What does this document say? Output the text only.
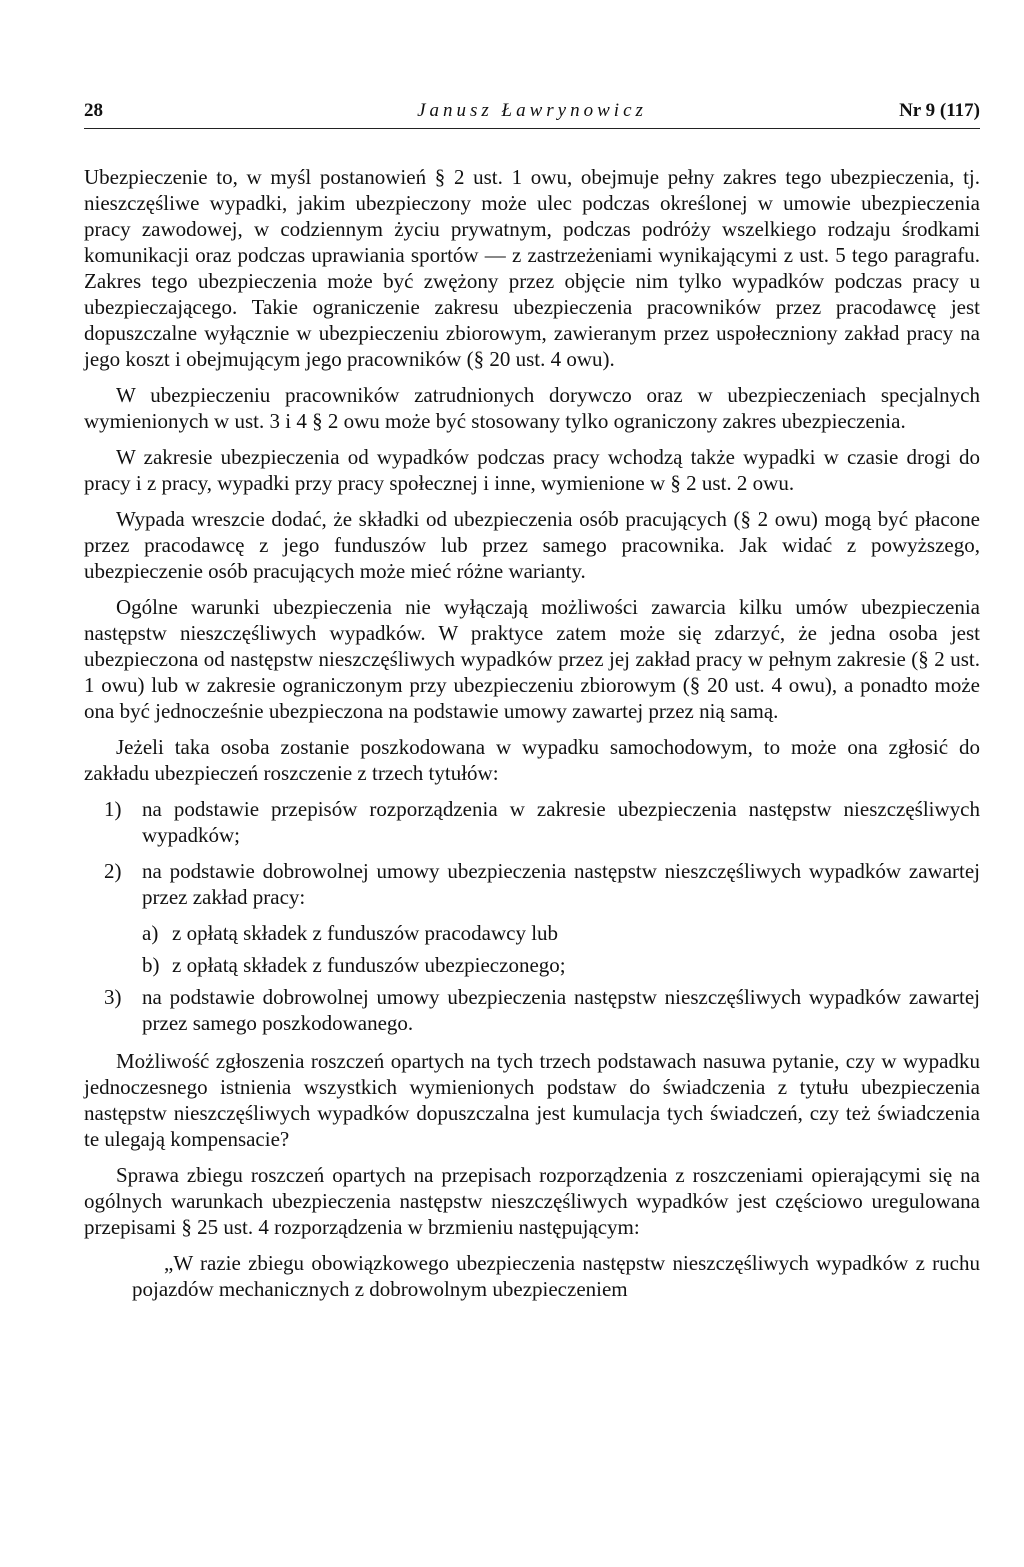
28	Janusz Ławrynowicz	Nr 9 (117)

Ubezpieczenie to, w myśl postanowień § 2 ust. 1 owu, obejmuje pełny zakres tego ubezpieczenia, tj. nieszczęśliwe wypadki, jakim ubezpieczony może ulec podczas określonej w umowie ubezpieczenia pracy zawodowej, w codziennym życiu prywatnym, podczas podróży wszelkiego rodzaju środkami komunikacji oraz podczas uprawiania sportów — z zastrzeżeniami wynikającymi z ust. 5 tego paragrafu. Zakres tego ubezpieczenia może być zwężony przez objęcie nim tylko wypadków podczas pracy u ubezpieczającego. Takie ograniczenie zakresu ubezpieczenia pracowników przez pracodawcę jest dopuszczalne wyłącznie w ubezpieczeniu zbiorowym, zawieranym przez uspołeczniony zakład pracy na jego koszt i obejmującym jego pracowników (§ 20 ust. 4 owu).

W ubezpieczeniu pracowników zatrudnionych dorywczo oraz w ubezpieczeniach specjalnych wymienionych w ust. 3 i 4 § 2 owu może być stosowany tylko ograniczony zakres ubezpieczenia.

W zakresie ubezpieczenia od wypadków podczas pracy wchodzą także wypadki w czasie drogi do pracy i z pracy, wypadki przy pracy społecznej i inne, wymienione w § 2 ust. 2 owu.

Wypada wreszcie dodać, że składki od ubezpieczenia osób pracujących (§ 2 owu) mogą być płacone przez pracodawcę z jego funduszów lub przez samego pracownika. Jak widać z powyższego, ubezpieczenie osób pracujących może mieć różne warianty.

Ogólne warunki ubezpieczenia nie wyłączają możliwości zawarcia kilku umów ubezpieczenia następstw nieszczęśliwych wypadków. W praktyce zatem może się zdarzyć, że jedna osoba jest ubezpieczona od następstw nieszczęśliwych wypadków przez jej zakład pracy w pełnym zakresie (§ 2 ust. 1 owu) lub w zakresie ograniczonym przy ubezpieczeniu zbiorowym (§ 20 ust. 4 owu), a ponadto może ona być jednocześnie ubezpieczona na podstawie umowy zawartej przez nią samą.

Jeżeli taka osoba zostanie poszkodowana w wypadku samochodowym, to może ona zgłosić do zakładu ubezpieczeń roszczenie z trzech tytułów:

1) na podstawie przepisów rozporządzenia w zakresie ubezpieczenia następstw nieszczęśliwych wypadków;
2) na podstawie dobrowolnej umowy ubezpieczenia następstw nieszczęśliwych wypadków zawartej przez zakład pracy:
a) z opłatą składek z funduszów pracodawcy lub
b) z opłatą składek z funduszów ubezpieczonego;
3) na podstawie dobrowolnej umowy ubezpieczenia następstw nieszczęśliwych wypadków zawartej przez samego poszkodowanego.

Możliwość zgłoszenia roszczeń opartych na tych trzech podstawach nasuwa pytanie, czy w wypadku jednoczesnego istnienia wszystkich wymienionych podstaw do świadczenia z tytułu ubezpieczenia następstw nieszczęśliwych wypadków dopuszczalna jest kumulacja tych świadczeń, czy też świadczenia te ulegają kompensacie?

Sprawa zbiegu roszczeń opartych na przepisach rozporządzenia z roszczeniami opierającymi się na ogólnych warunkach ubezpieczenia następstw nieszczęśliwych wypadków jest częściowo uregulowana przepisami § 25 ust. 4 rozporządzenia w brzmieniu następującym:

„W razie zbiegu obowiązkowego ubezpieczenia następstw nieszczęśliwych wypadków z ruchu pojazdów mechanicznych z dobrowolnym ubezpieczeniem
